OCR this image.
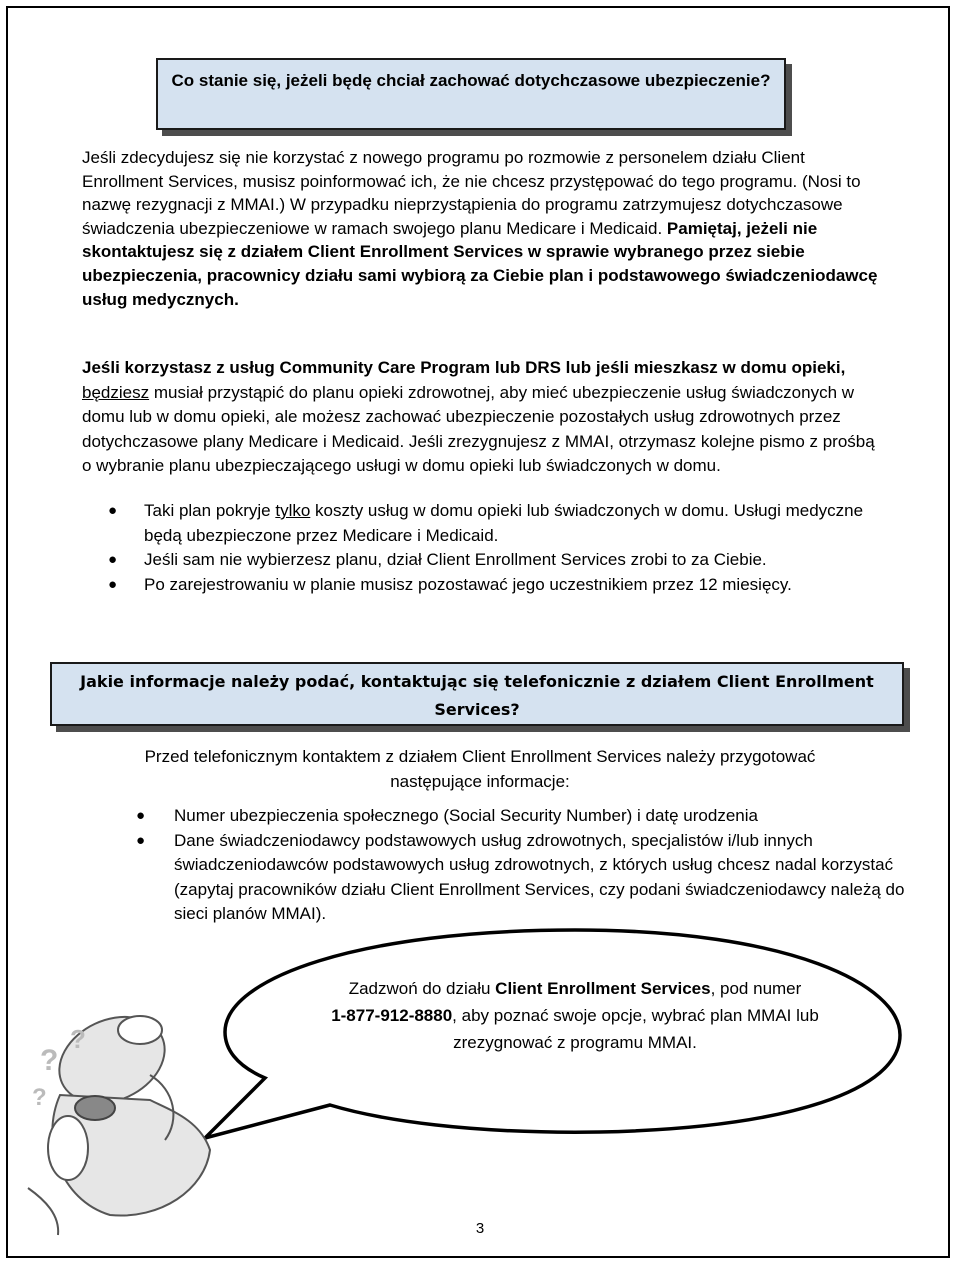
Co stanie się, jeżeli będę chciał zachować dotychczasowe ubezpieczenie?
Jeśli zdecydujesz się nie korzystać z nowego programu po rozmowie z personelem działu Client Enrollment Services, musisz poinformować ich, że nie chcesz przystępować do tego programu. (Nosi to nazwę rezygnacji z MMAI.) W przypadku nieprzystąpienia do programu zatrzymujesz dotychczasowe świadczenia ubezpieczeniowe w ramach swojego planu Medicare i Medicaid. Pamiętaj, jeżeli nie skontaktujesz się z działem Client Enrollment Services w sprawie wybranego przez siebie ubezpieczenia, pracownicy działu sami wybiorą za Ciebie plan i podstawowego świadczeniodawcę usług medycznych.
Jeśli korzystasz z usług Community Care Program lub DRS lub jeśli mieszkasz w domu opieki, będziesz musiał przystąpić do planu opieki zdrowotnej, aby mieć ubezpieczenie usług świadczonych w domu lub w domu opieki, ale możesz zachować ubezpieczenie pozostałych usług zdrowotnych przez dotychczasowe plany Medicare i Medicaid. Jeśli zrezygnujesz z MMAI, otrzymasz kolejne pismo z prośbą o wybranie planu ubezpieczającego usługi w domu opieki lub świadczonych w domu.
● Taki plan pokryje tylko koszty usług w domu opieki lub świadczonych w domu. Usługi medyczne będą ubezpieczone przez Medicare i Medicaid.
● Jeśli sam nie wybierzesz planu, dział Client Enrollment Services zrobi to za Ciebie.
● Po zarejestrowaniu w planie musisz pozostawać jego uczestnikiem przez 12 miesięcy.
Jakie informacje należy podać, kontaktując się telefonicznie z działem Client Enrollment Services?
Przed telefonicznym kontaktem z działem Client Enrollment Services należy przygotować następujące informacje:
● Numer ubezpieczenia społecznego (Social Security Number) i datę urodzenia
● Dane świadczeniodawcy podstawowych usług zdrowotnych, specjalistów i/lub innych świadczeniodawców podstawowych usług zdrowotnych, z których usług chcesz nadal korzystać (zapytaj pracowników działu Client Enrollment Services, czy podani świadczeniodawcy należą do sieci planów MMAI).
?
?
?
Zadzwoń do działu Client Enrollment Services, pod numer
1-877-912-8880, aby poznać swoje opcje, wybrać plan MMAI lub zrezygnować z programu MMAI.
3
